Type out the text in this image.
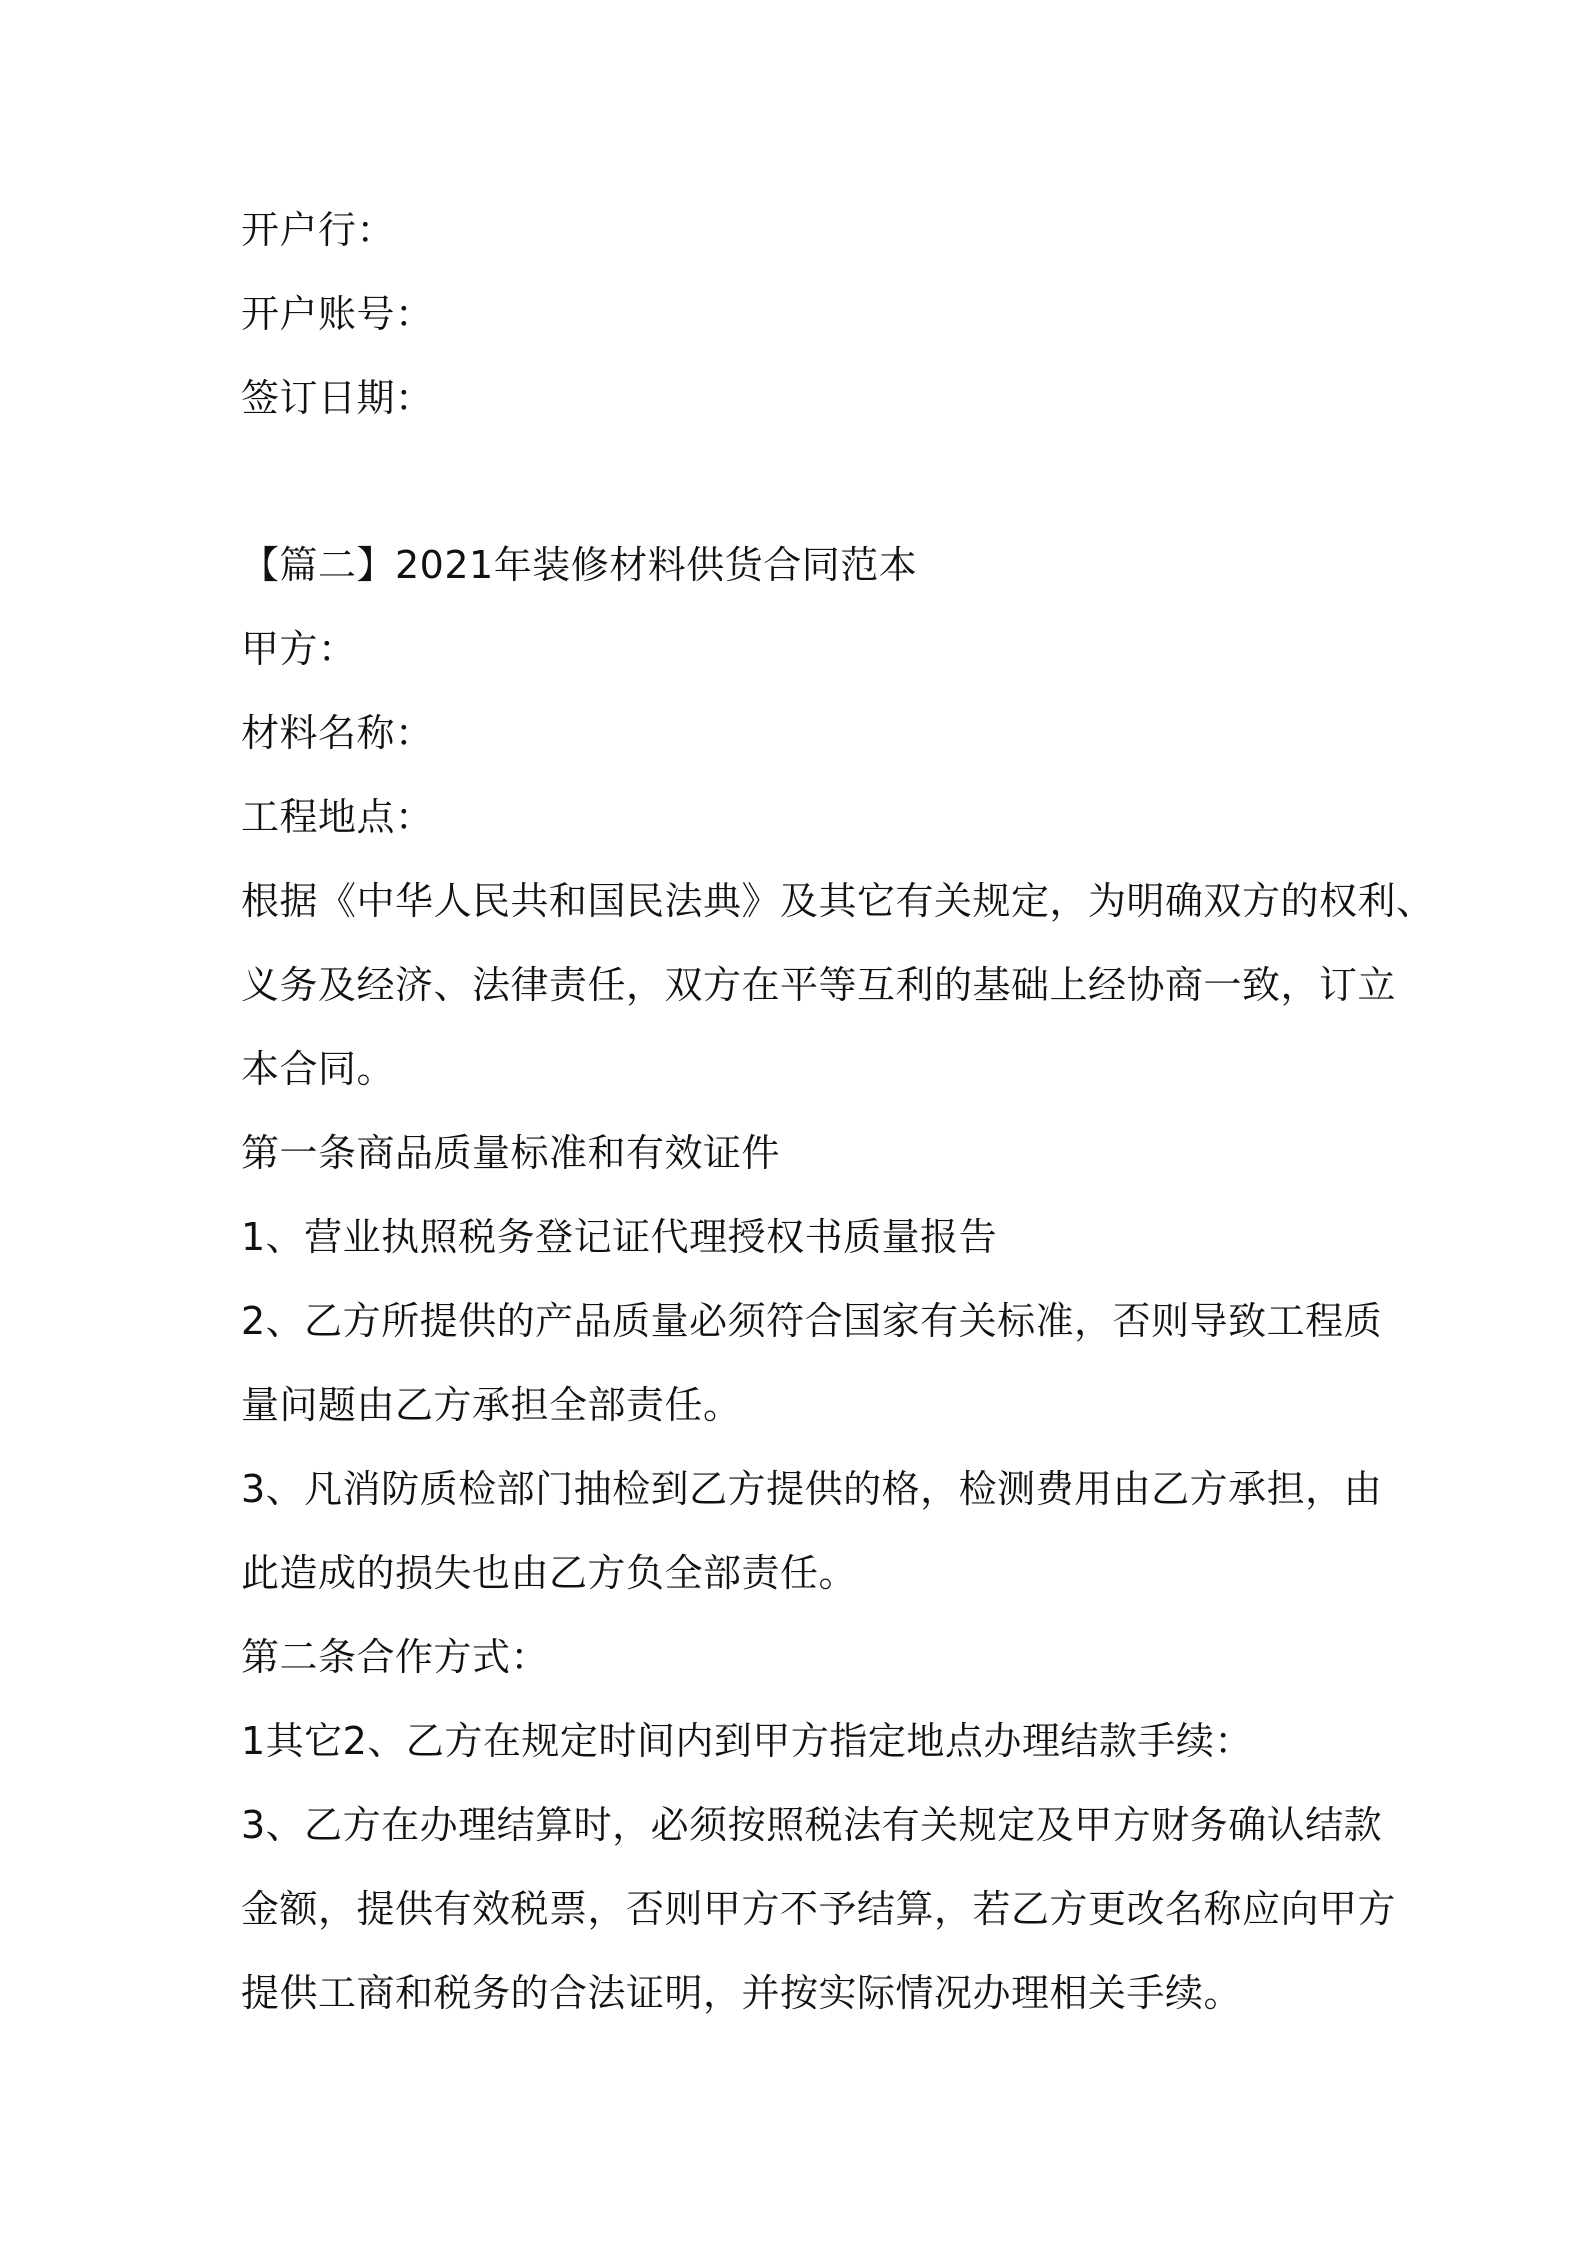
开户行：
开户账号：
签订日期：
【篇二】2021年装修材料供货合同范本
甲方：
材料名称：
工程地点：
根据《中华人民共和国民法典》及其它有关规定，为明确双方的权利、
义务及经济、法律责任，双方在平等互利的基础上经协商一致，订立
本合同。
第一条商品质量标准和有效证件
1、营业执照税务登记证代理授权书质量报告
2、乙方所提供的产品质量必须符合国家有关标准，否则导致工程质
量问题由乙方承担全部责任。
3、凡消防质检部门抽检到乙方提供的格，检测费用由乙方承担，由
此造成的损失也由乙方负全部责任。
第二条合作方式：
1其它2、乙方在规定时间内到甲方指定地点办理结款手续：
3、乙方在办理结算时，必须按照税法有关规定及甲方财务确认结款
金额，提供有效税票，否则甲方不予结算，若乙方更改名称应向甲方
提供工商和税务的合法证明，并按实际情况办理相关手续。
